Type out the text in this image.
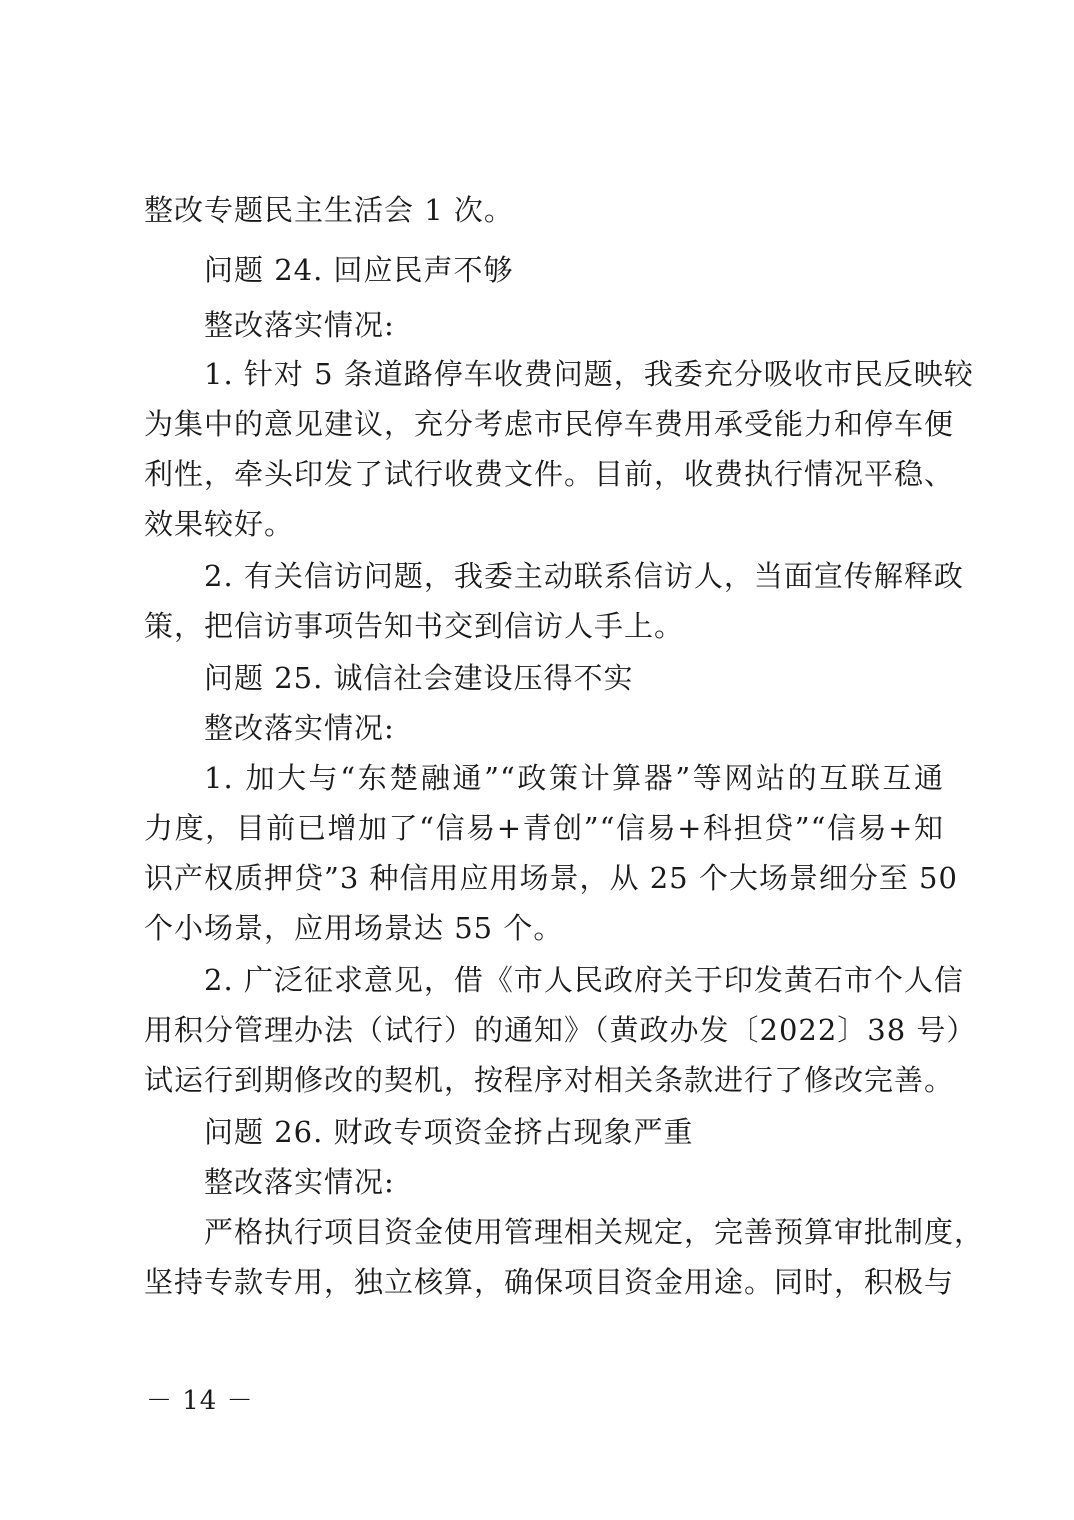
整改专题民主生活会 1 次。
问题 24. 回应民声不够
整改落实情况:
1. 针对 5 条道路停车收费问题，我委充分吸收市民反映较
为集中的意见建议，充分考虑市民停车费用承受能力和停车便
利性，牵头印发了试行收费文件。目前，收费执行情况平稳、
效果较好。
2. 有关信访问题，我委主动联系信访人，当面宣传解释政
策，把信访事项告知书交到信访人手上。
问题 25. 诚信社会建设压得不实
整改落实情况:
1. 加大与“东楚融通”“政策计算器”等网站的互联互通
力度，目前已增加了“信易+青创”“信易+科担贷”“信易+知
识产权质押贷”3 种信用应用场景，从 25 个大场景细分至 50
个小场景，应用场景达 55 个。
2. 广泛征求意见，借《市人民政府关于印发黄石市个人信
用积分管理办法（试行）的通知》（黄政办发〔2022〕38 号）
试运行到期修改的契机，按程序对相关条款进行了修改完善。
问题 26. 财政专项资金挤占现象严重
整改落实情况:
严格执行项目资金使用管理相关规定，完善预算审批制度，
坚持专款专用，独立核算，确保项目资金用途。同时，积极与
－ 14 －
